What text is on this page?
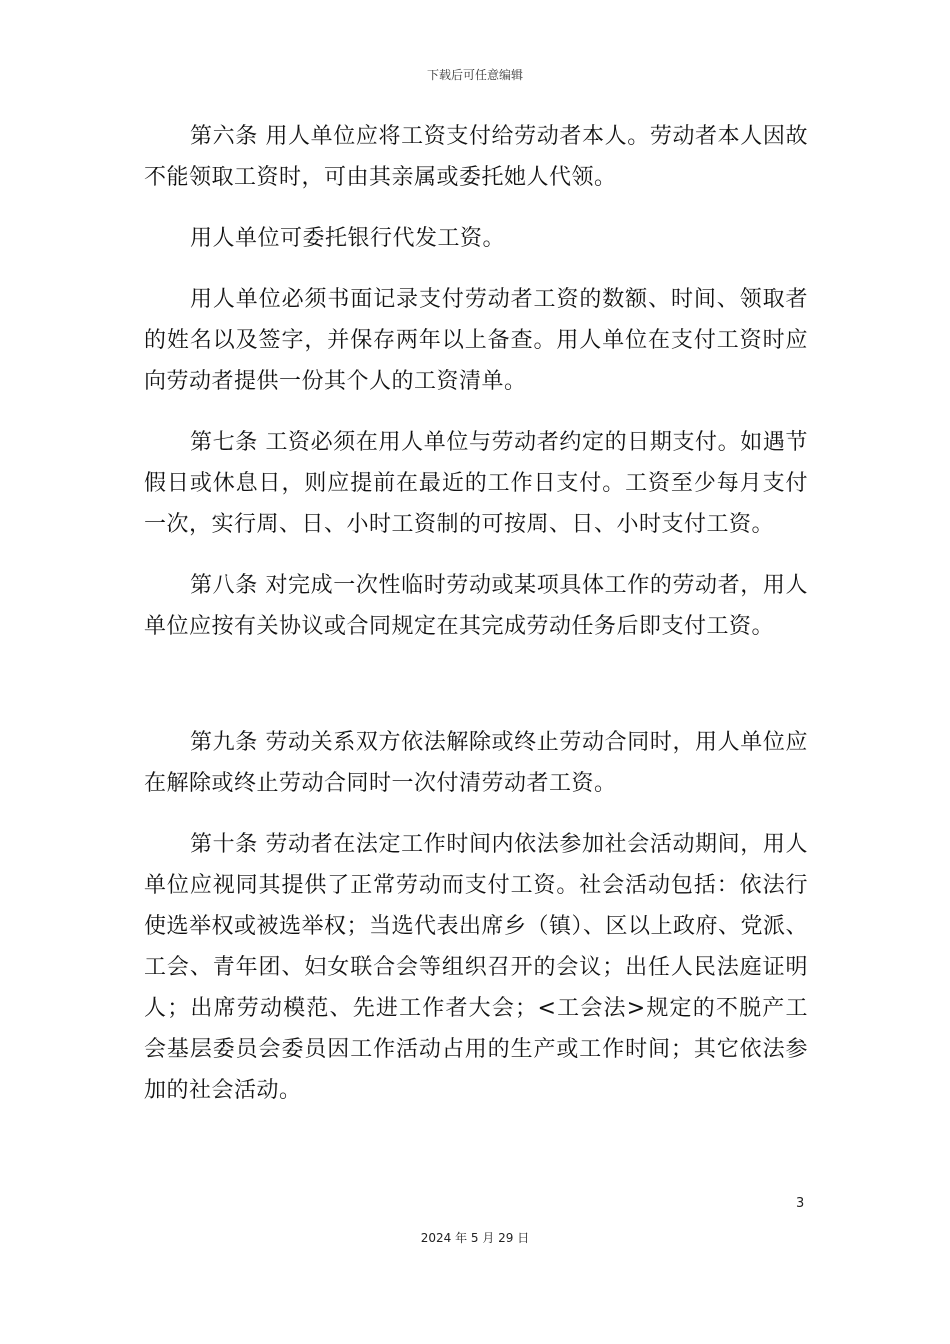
下载后可任意编辑

第六条 用人单位应将工资支付给劳动者本人。劳动者本人因故不能领取工资时，可由其亲属或委托她人代领。

用人单位可委托银行代发工资。

用人单位必须书面记录支付劳动者工资的数额、时间、领取者的姓名以及签字，并保存两年以上备查。用人单位在支付工资时应向劳动者提供一份其个人的工资清单。

第七条 工资必须在用人单位与劳动者约定的日期支付。如遇节假日或休息日，则应提前在最近的工作日支付。工资至少每月支付一次，实行周、日、小时工资制的可按周、日、小时支付工资。

第八条 对完成一次性临时劳动或某项具体工作的劳动者，用人单位应按有关协议或合同规定在其完成劳动任务后即支付工资。

第九条 劳动关系双方依法解除或终止劳动合同时，用人单位应在解除或终止劳动合同时一次付清劳动者工资。

第十条 劳动者在法定工作时间内依法参加社会活动期间，用人单位应视同其提供了正常劳动而支付工资。社会活动包括：依法行使选举权或被选举权；当选代表出席乡（镇）、区以上政府、党派、工会、青年团、妇女联合会等组织召开的会议；出任人民法庭证明人；出席劳动模范、先进工作者大会；<工会法>规定的不脱产工会基层委员会委员因工作活动占用的生产或工作时间；其它依法参加的社会活动。

3
2024 年 5 月 29 日
